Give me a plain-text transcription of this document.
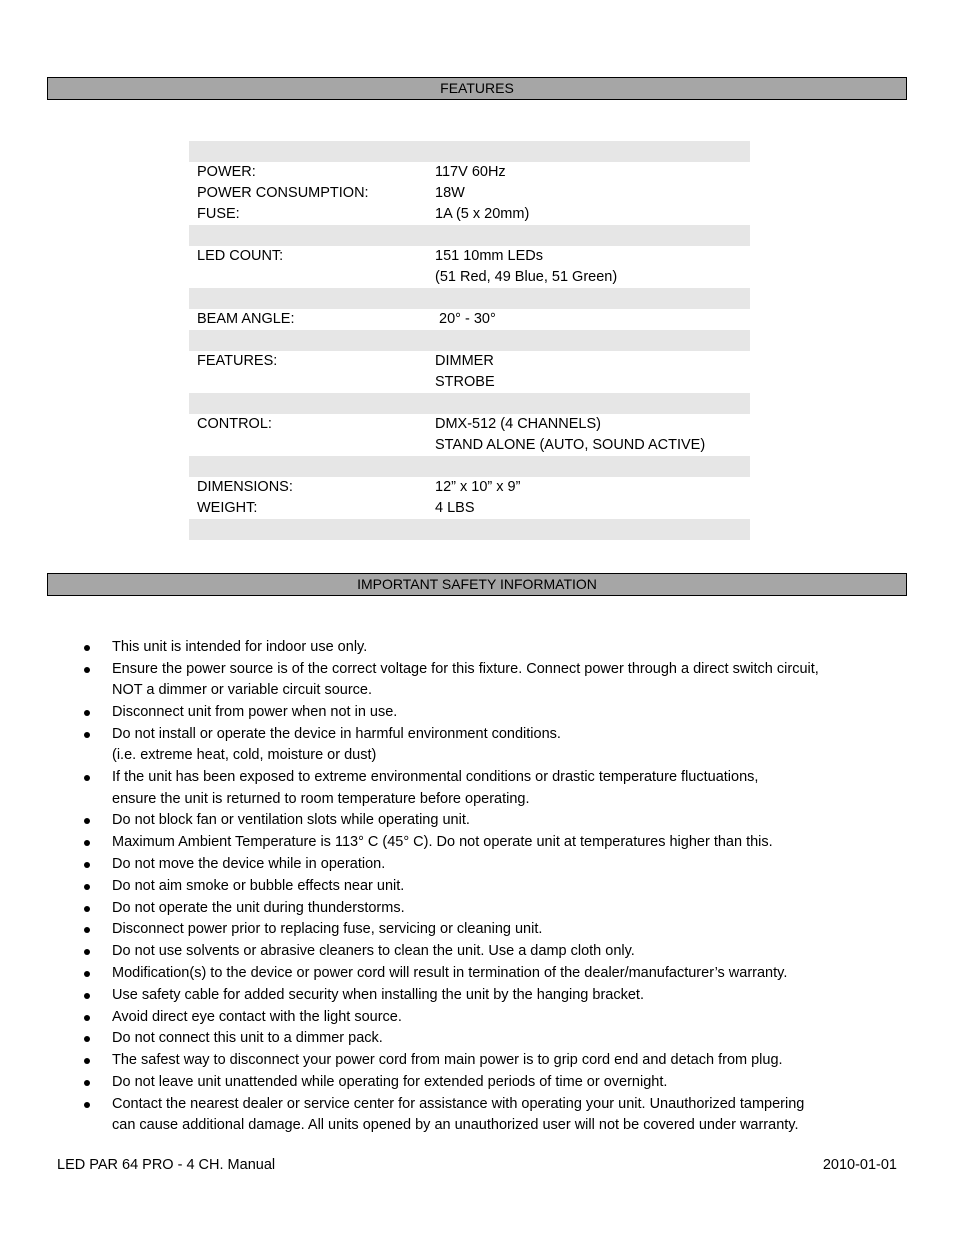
FEATURES
POWER:	117V 60Hz
POWER CONSUMPTION:	18W
FUSE:	1A (5 x 20mm)
LED COUNT:	151 10mm LEDs
(51 Red, 49 Blue, 51 Green)
BEAM ANGLE:	20° - 30°
FEATURES:	DIMMER
STROBE
CONTROL:	DMX-512 (4 CHANNELS)
STAND ALONE (AUTO, SOUND ACTIVE)
DIMENSIONS:	12” x 10” x 9”
WEIGHT:	4 LBS
IMPORTANT SAFETY INFORMATION
This unit is intended for indoor use only.
Ensure the power source is of the correct voltage for this fixture. Connect power through a direct switch circuit,
NOT a dimmer or variable circuit source.
Disconnect unit from power when not in use.
Do not install or operate the device in harmful environment conditions.
(i.e. extreme heat, cold, moisture or dust)
If the unit has been exposed to extreme environmental conditions or drastic temperature fluctuations,
ensure the unit is returned to room temperature before operating.
Do not block fan or ventilation slots while operating unit.
Maximum Ambient Temperature is 113° C (45° C). Do not operate unit at temperatures higher than this.
Do not move the device while in operation.
Do not aim smoke or bubble effects near unit.
Do not operate the unit during thunderstorms.
Disconnect power prior to replacing fuse, servicing or cleaning unit.
Do not use solvents or abrasive cleaners to clean the unit. Use a damp cloth only.
Modification(s) to the device or power cord will result in termination of the dealer/manufacturer’s warranty.
Use safety cable for added security when installing the unit by the hanging bracket.
Avoid direct eye contact with the light source.
Do not connect this unit to a dimmer pack.
The safest way to disconnect your power cord from main power is to grip cord end and detach from plug.
Do not leave unit unattended while operating for extended periods of time or overnight.
Contact the nearest dealer or service center for assistance with operating your unit. Unauthorized tampering
can cause additional damage. All units opened by an unauthorized user will not be covered under warranty.
LED PAR 64 PRO - 4 CH. Manual	2010-01-01
